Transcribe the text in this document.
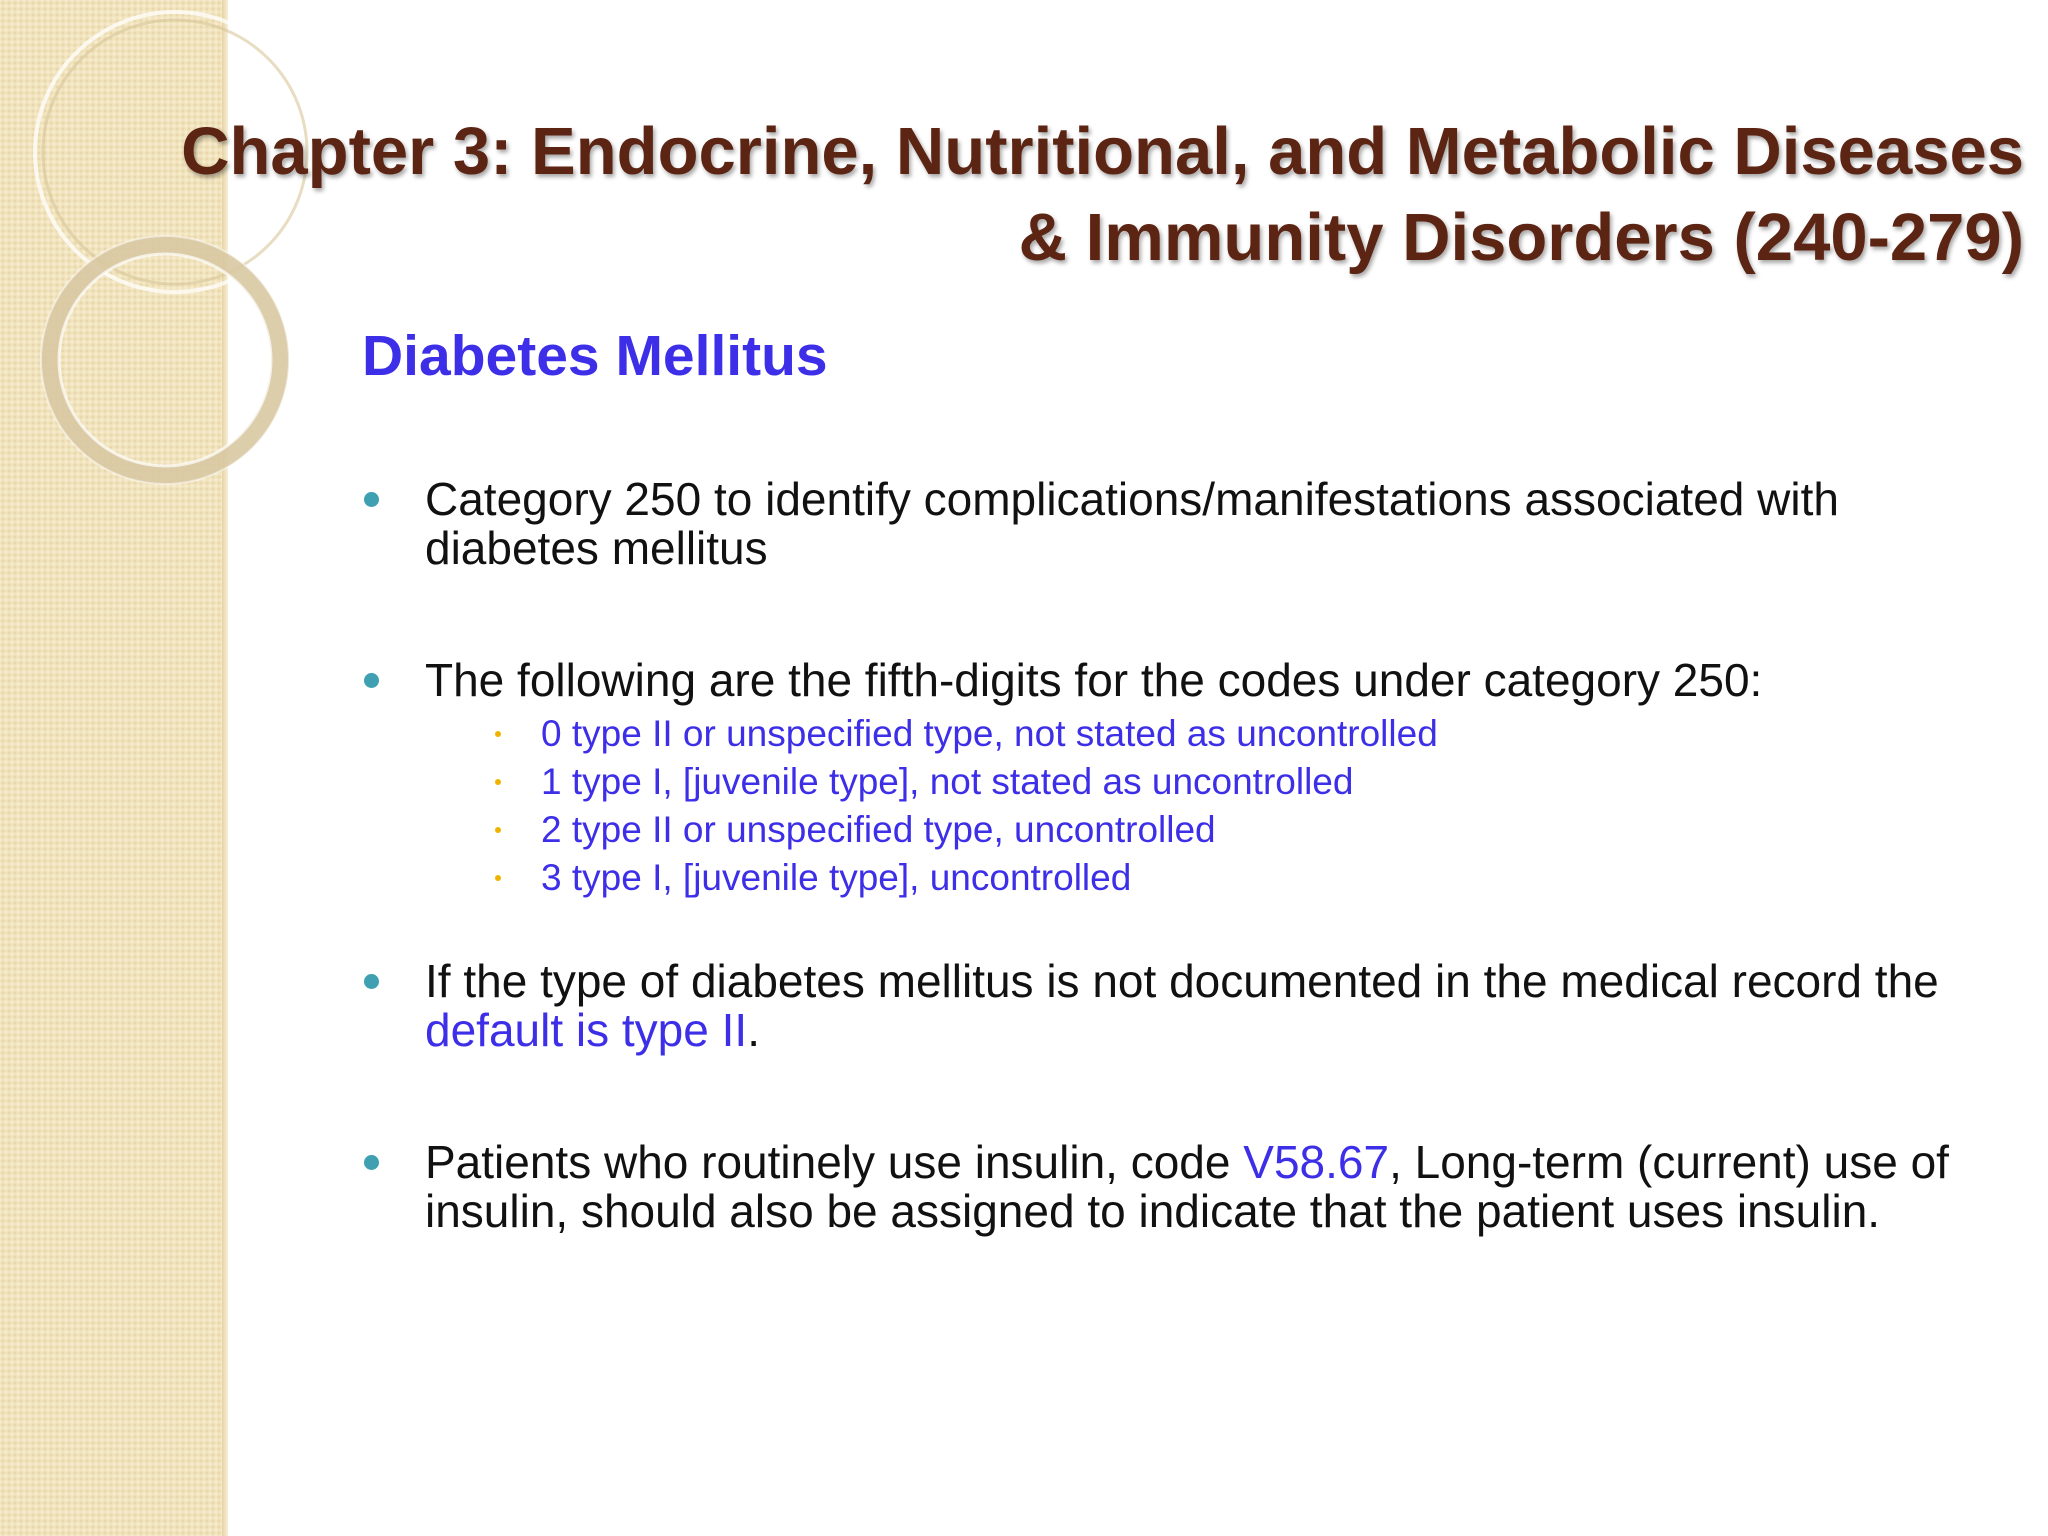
Chapter 3: Endocrine, Nutritional, and Metabolic Diseases
& Immunity Disorders (240-279)
Diabetes Mellitus
Category 250 to identify complications/manifestations associated with diabetes mellitus
The following are the fifth-digits for the codes under category 250:
0 type II or unspecified type, not stated as uncontrolled
1 type I, [juvenile type], not stated as uncontrolled
2 type II or unspecified type, uncontrolled
3 type I, [juvenile type], uncontrolled
If the type of diabetes mellitus is not documented in the medical record the default is type II.
Patients who routinely use insulin, code V58.67, Long-term (current) use of insulin, should also be assigned to indicate that the patient uses insulin.
